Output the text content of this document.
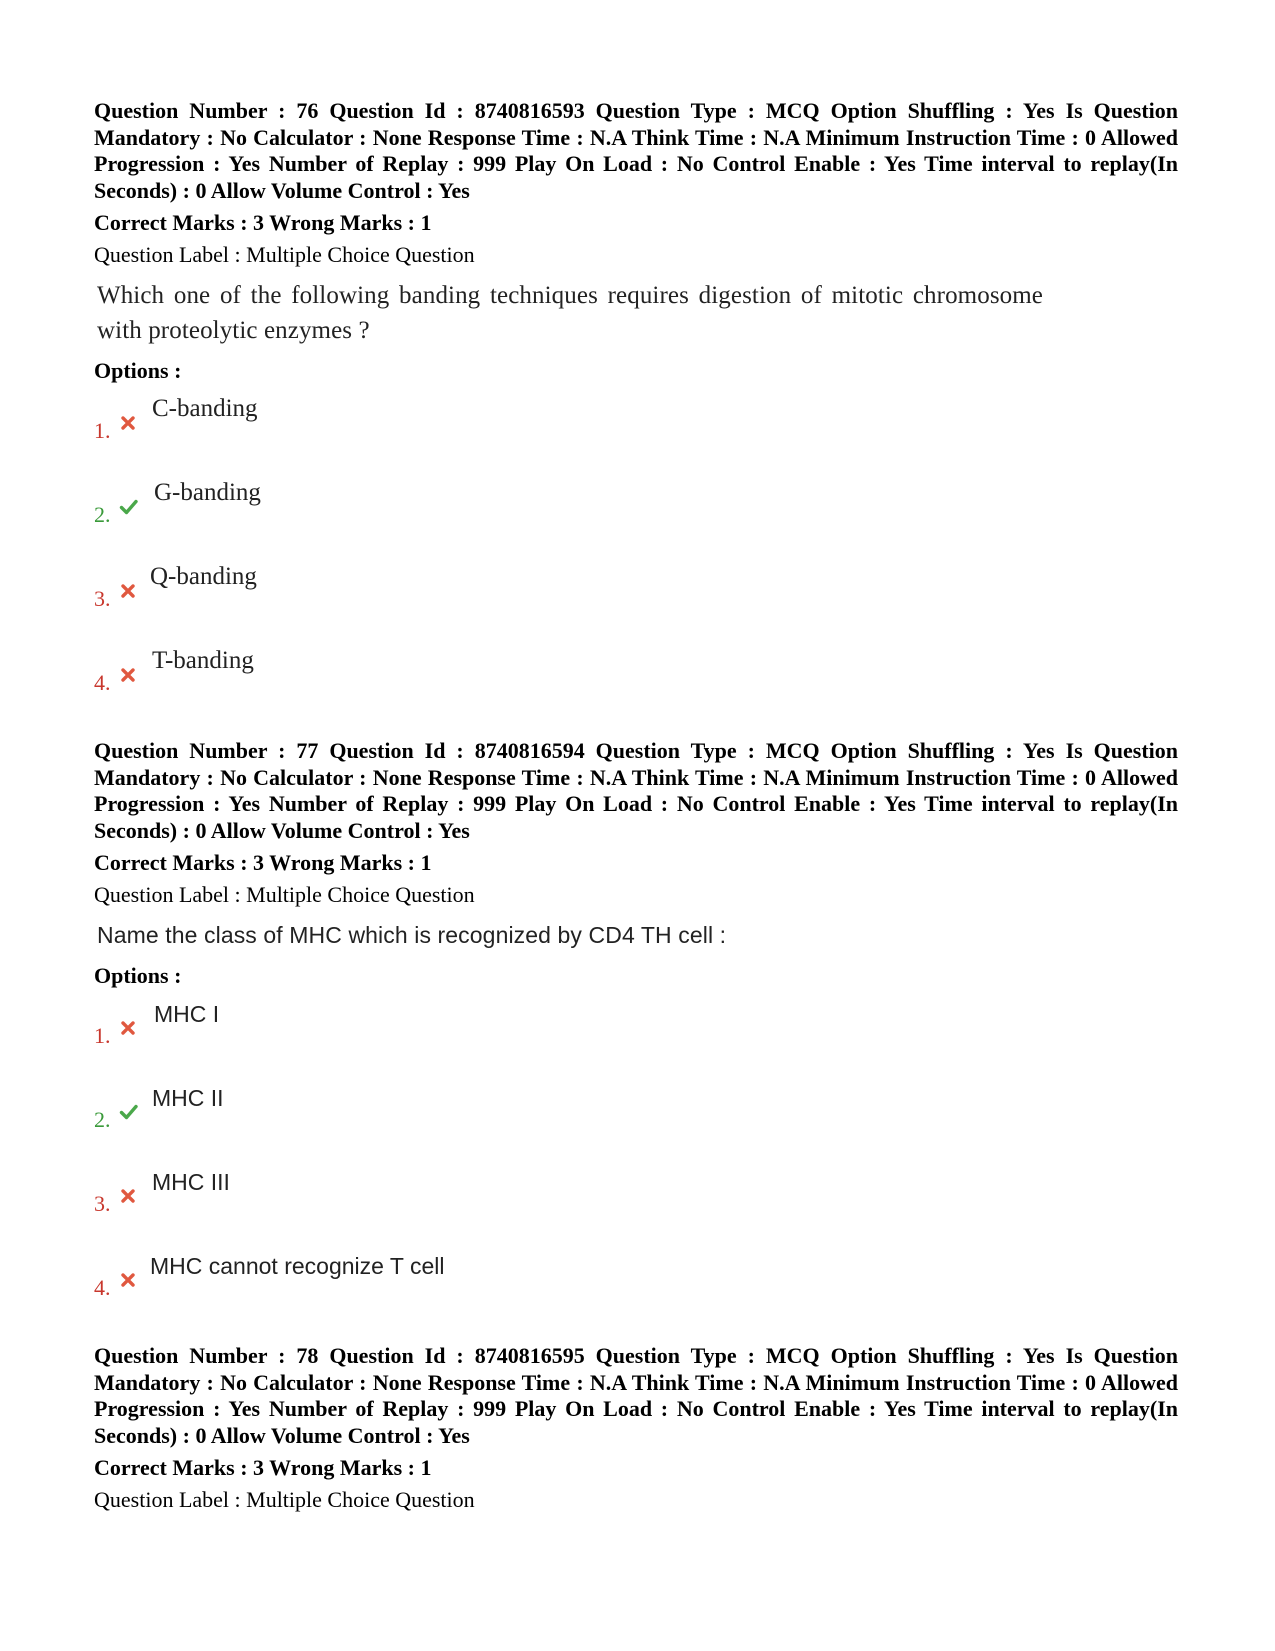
Question Number : 76 Question Id : 8740816593 Question Type : MCQ Option Shuffling : Yes Is Question Mandatory : No Calculator : None Response Time : N.A Think Time : N.A Minimum Instruction Time : 0 Allowed Progression : Yes Number of Replay : 999 Play On Load : No Control Enable : Yes Time interval to replay(In Seconds) : 0 Allow Volume Control : Yes
Correct Marks : 3 Wrong Marks : 1
Question Label : Multiple Choice Question
Which one of the following banding techniques requires digestion of mitotic chromosome with proteolytic enzymes ?
Options :
1.
C-banding
2.
G-banding
3.
Q-banding
4.
T-banding
Question Number : 77 Question Id : 8740816594 Question Type : MCQ Option Shuffling : Yes Is Question Mandatory : No Calculator : None Response Time : N.A Think Time : N.A Minimum Instruction Time : 0 Allowed Progression : Yes Number of Replay : 999 Play On Load : No Control Enable : Yes Time interval to replay(In Seconds) : 0 Allow Volume Control : Yes
Correct Marks : 3 Wrong Marks : 1
Question Label : Multiple Choice Question
Name the class of MHC which is recognized by CD4 TH cell :
Options :
1.
MHC I
2.
MHC II
3.
MHC III
4.
MHC cannot recognize T cell
Question Number : 78 Question Id : 8740816595 Question Type : MCQ Option Shuffling : Yes Is Question Mandatory : No Calculator : None Response Time : N.A Think Time : N.A Minimum Instruction Time : 0 Allowed Progression : Yes Number of Replay : 999 Play On Load : No Control Enable : Yes Time interval to replay(In Seconds) : 0 Allow Volume Control : Yes
Correct Marks : 3 Wrong Marks : 1
Question Label : Multiple Choice Question
